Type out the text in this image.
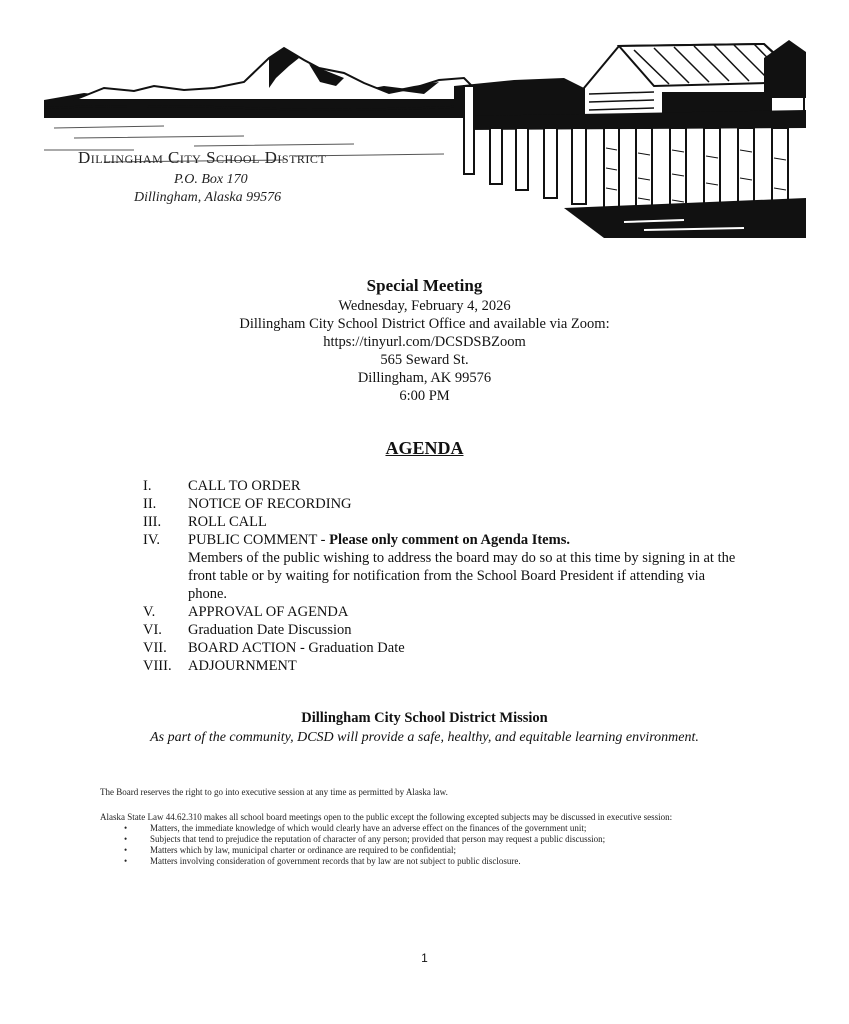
Dillingham City School District
P.O. Box 170
Dillingham, Alaska 99576
Special Meeting
Wednesday, February 4, 2026
Dillingham City School District Office and available via Zoom:
https://tinyurl.com/DCSDSBZoom
565 Seward St.
Dillingham, AK 99576
6:00 PM
AGENDA
I.	CALL TO ORDER
II.	NOTICE OF RECORDING
III.	ROLL CALL
IV.	PUBLIC COMMENT - Please only comment on Agenda Items.
Members of the public wishing to address the board may do so at this time by signing in at the front table or by waiting for notification from the School Board President if attending via phone.
V.	APPROVAL OF AGENDA
VI.	Graduation Date Discussion
VII.	BOARD ACTION - Graduation Date
VIII.	ADJOURNMENT
Dillingham City School District Mission
As part of the community, DCSD will provide a safe, healthy, and equitable learning environment.
The Board reserves the right to go into executive session at any time as permitted by Alaska law.
Alaska State Law 44.62.310 makes all school board meetings open to the public except the following excepted subjects may be discussed in executive session:
•	Matters, the immediate knowledge of which would clearly have an adverse effect on the finances of the government unit;
•	Subjects that tend to prejudice the reputation of character of any person; provided that person may request a public discussion;
•	Matters which by law, municipal charter or ordinance are required to be confidential;
•	Matters involving consideration of government records that by law are not subject to public disclosure.
1
